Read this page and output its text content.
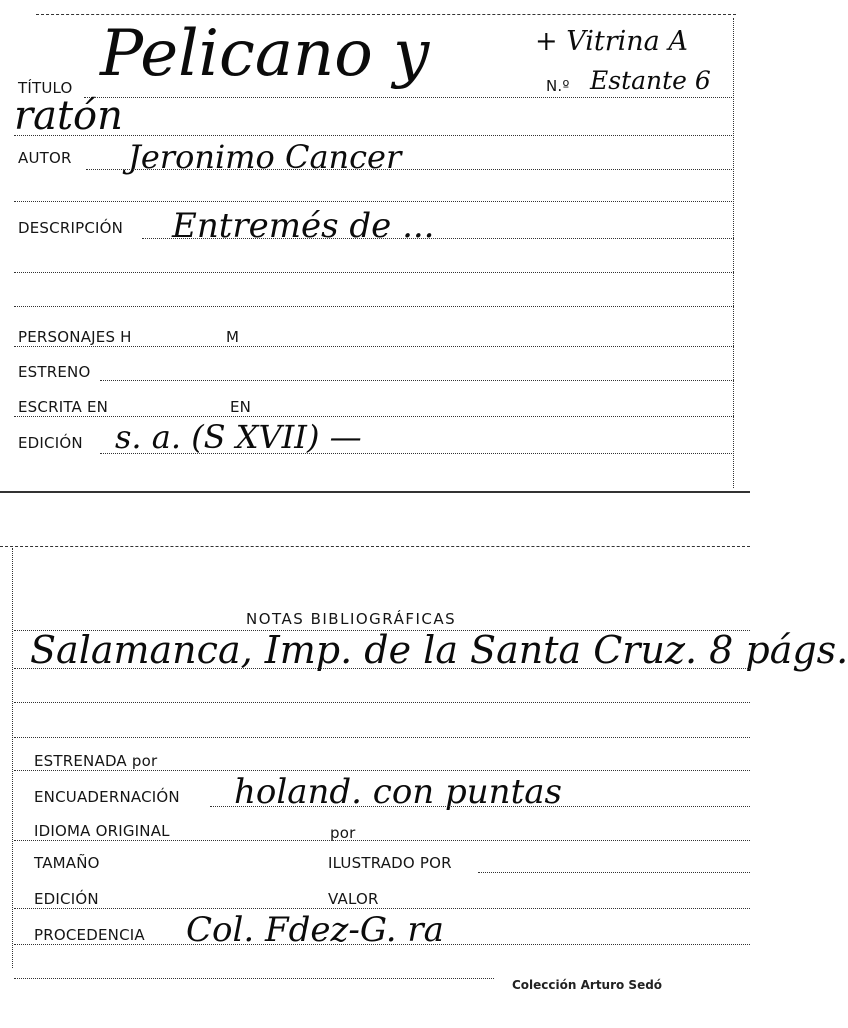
+ Vitrina A
N.º Estante 6
TÍTULO Pelicano y
ratón
AUTOR Jeronimo Cancer
DESCRIPCIÓN Entremés de ...
PERSONAJES H	M
ESTRENO
ESCRITA EN	EN
EDICIÓN s. a. (S XVII) —
NOTAS BIBLIOGRÁFICAS
Salamanca, Imp. de la Santa Cruz. 8 págs.
ESTRENADA por
ENCUADERNACIÓN holand. con puntas
IDIOMA ORIGINAL	por
TAMAÑO	ILUSTRADO POR
EDICIÓN	VALOR
PROCEDENCIA Col. Fdez-G. ra
Colección Arturo Sedó
